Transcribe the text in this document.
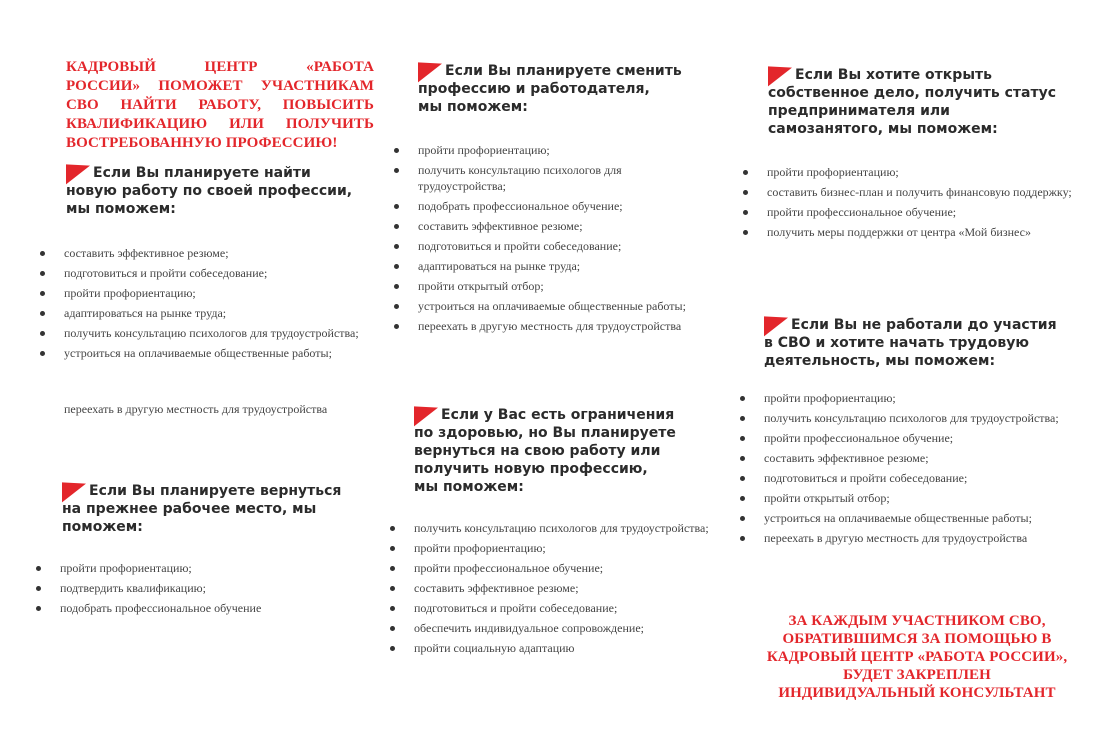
КАДРОВЫЙ ЦЕНТР «РАБОТА
РОССИИ» ПОМОЖЕТ УЧАСТНИКАМ
СВО НАЙТИ РАБОТУ, ПОВЫСИТЬ
КВАЛИФИКАЦИЮ ИЛИ ПОЛУЧИТЬ
ВОСТРЕБОВАННУЮ ПРОФЕССИЮ!
Если Вы планируете найти
новую работу по своей профессии,
мы поможем:
составить эффективное резюме;
подготовиться и пройти собеседование;
пройти профориентацию;
адаптироваться на рынке труда;
получить консультацию психологов для трудоустройства;
устроиться на оплачиваемые общественные работы;
переехать в другую местность для трудоустройства
Если Вы планируете вернуться
на прежнее рабочее место, мы
поможем:
пройти профориентацию;
подтвердить квалификацию;
подобрать профессиональное обучение
Если Вы планируете сменить
профессию и работодателя,
мы поможем:
пройти профориентацию;
получить консультацию психологов для трудоустройства;
подобрать профессиональное обучение;
составить эффективное резюме;
подготовиться и пройти собеседование;
адаптироваться на рынке труда;
пройти открытый отбор;
устроиться на оплачиваемые общественные работы;
переехать в другую местность для трудоустройства
Если у Вас есть ограничения
по здоровью, но Вы планируете
вернуться на свою работу или
получить новую профессию,
мы поможем:
получить консультацию психологов для трудоустройства;
пройти профориентацию;
пройти профессиональное обучение;
составить эффективное резюме;
подготовиться и пройти собеседование;
обеспечить индивидуальное сопровождение;
пройти социальную адаптацию
Если Вы хотите открыть
собственное дело, получить статус
предпринимателя или
самозанятого, мы поможем:
пройти профориентацию;
составить бизнес-план и получить финансовую поддержку;
пройти профессиональное обучение;
получить меры поддержки от центра «Мой бизнес»
Если Вы не работали до участия
в СВО и хотите начать трудовую
деятельность, мы поможем:
пройти профориентацию;
получить консультацию психологов для трудоустройства;
пройти профессиональное обучение;
составить эффективное резюме;
подготовиться и пройти собеседование;
пройти открытый отбор;
устроиться на оплачиваемые общественные работы;
переехать в другую местность для трудоустройства
ЗА КАЖДЫМ УЧАСТНИКОМ СВО,
ОБРАТИВШИМСЯ ЗА ПОМОЩЬЮ В
КАДРОВЫЙ ЦЕНТР «РАБОТА РОССИИ»,
БУДЕТ ЗАКРЕПЛЕН
ИНДИВИДУАЛЬНЫЙ КОНСУЛЬТАНТ
